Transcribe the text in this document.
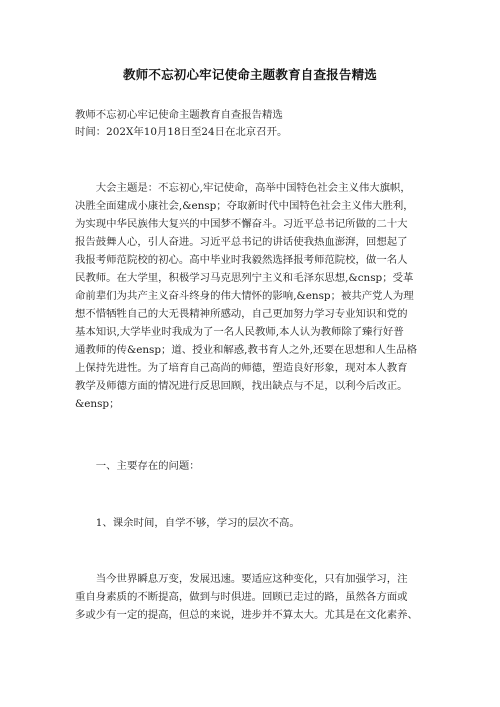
教师不忘初心牢记使命主题教育自查报告精选
教师不忘初心牢记使命主题教育自查报告精选
时间：202X年10月18日至24日在北京召开。
　　大会主题是：不忘初心,牢记使命，高举中国特色社会主义伟大旗帜，
决胜全面建成小康社会,&ensp；夺取新时代中国特色社会主义伟大胜利，
为实现中华民族伟大复兴的中国梦不懈奋斗。习近平总书记所做的二十大
报告鼓舞人心，引人奋进。习近平总书记的讲话使我热血澎湃，回想起了
我报考师范院校的初心。高中毕业时我毅然选择报考师范院校，做一名人
民教师。在大学里，积极学习马克思列宁主义和毛泽东思想,&cnsp；受革
命前辈们为共产主义奋斗终身的伟大情怀的影响,&ensp；被共产党人为理
想不惜牺牲自己的大无畏精神所感动，自己更加努力学习专业知识和党的
基本知识,大学毕业时我成为了一名人民教师,本人认为教师除了臻行好普
通教师的传&ensp；道、授业和解惑,教书育人之外,还要在思想和人生品格
上保持先进性。为了培育自己高尚的师德，塑造良好形象，现对本人教育
教学及师德方面的情况进行反思回顾，找出缺点与不足，以利今后改正。
&ensp；
　　一、主要存在的问题：
　　1、课余时间，自学不够，学习的层次不高。
　　当今世界瞬息万变，发展迅速。要适应这种变化，只有加强学习，注
重自身素质的不断提高，做到与时俱进。回顾已走过的路，虽然各方面或
多或少有一定的提高，但总的来说，进步并不算太大。尤其是在文化素养、
